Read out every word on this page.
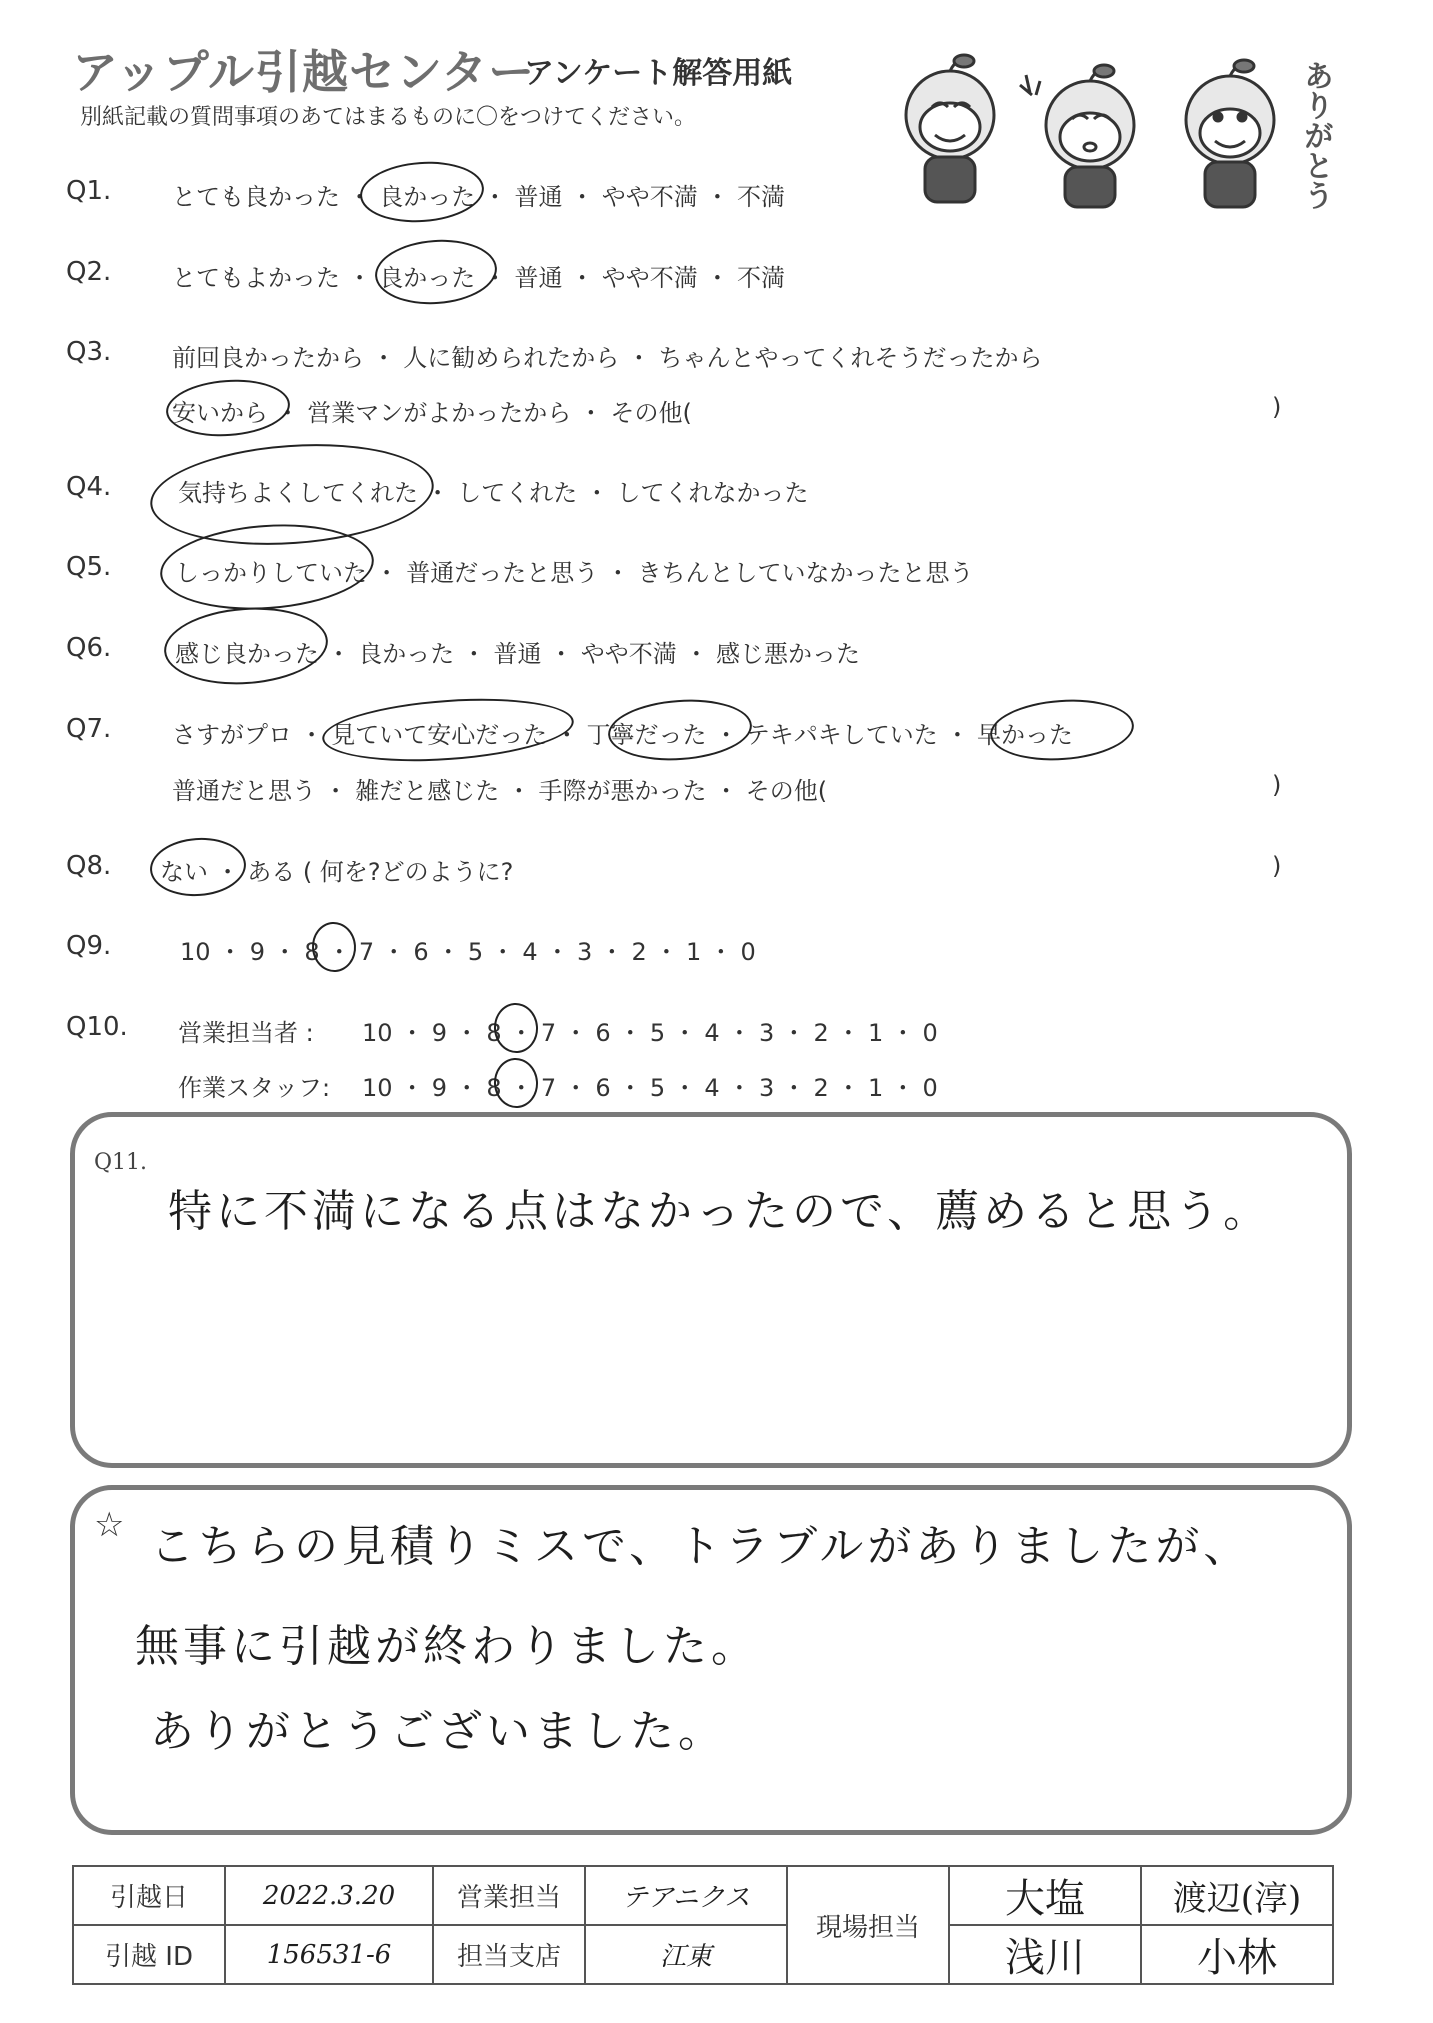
アップル引越センター
アンケート解答用紙
別紙記載の質問事項のあてはまるものに〇をつけてください。	ありがとう
Q1.	とても良かった ・ 良かった ・ 普通 ・ やや不満 ・ 不満
Q2.	とてもよかった ・ 良かった ・ 普通 ・ やや不満 ・ 不満
Q3.	前回良かったから ・ 人に勧められたから ・ ちゃんとやってくれそうだったから
安いから ・ 営業マンがよかったから ・ その他(	)
Q4.	気持ちよくしてくれた ・ してくれた ・ してくれなかった
Q5.	しっかりしていた ・ 普通だったと思う ・ きちんとしていなかったと思う
Q6.	感じ良かった ・ 良かった ・ 普通 ・ やや不満 ・ 感じ悪かった
Q7.	さすがプロ ・ 見ていて安心だった ・ 丁寧だった ・ テキパキしていた ・ 早かった
普通だと思う ・ 雑だと感じた ・ 手際が悪かった ・ その他(	)
Q8. ない ・ ある ( 何を?どのように?	)
Q9.	10 ・ 9 ・ 8 ・ 7 ・ 6 ・ 5 ・ 4 ・ 3 ・ 2 ・ 1 ・ 0
Q10. 営業担当者 : 10 ・ 9 ・ 8 ・ 7 ・ 6 ・ 5 ・ 4 ・ 3 ・ 2 ・ 1 ・ 0
作業スタッフ: 10 ・ 9 ・ 8 ・ 7 ・ 6 ・ 5 ・ 4 ・ 3 ・ 2 ・ 1 ・ 0
Q11.
特に不満になる点はなかったので、薦めると思う。
☆ こちらの見積りミスで、トラブルがありましたが、
無事に引越が終わりました。
ありがとうございました。
引越日	2022.3.20	営業担当	テアニクス	現場担当	大塩	渡辺(淳)
引越 ID	156531-6	担当支店	江東		浅川	小林
